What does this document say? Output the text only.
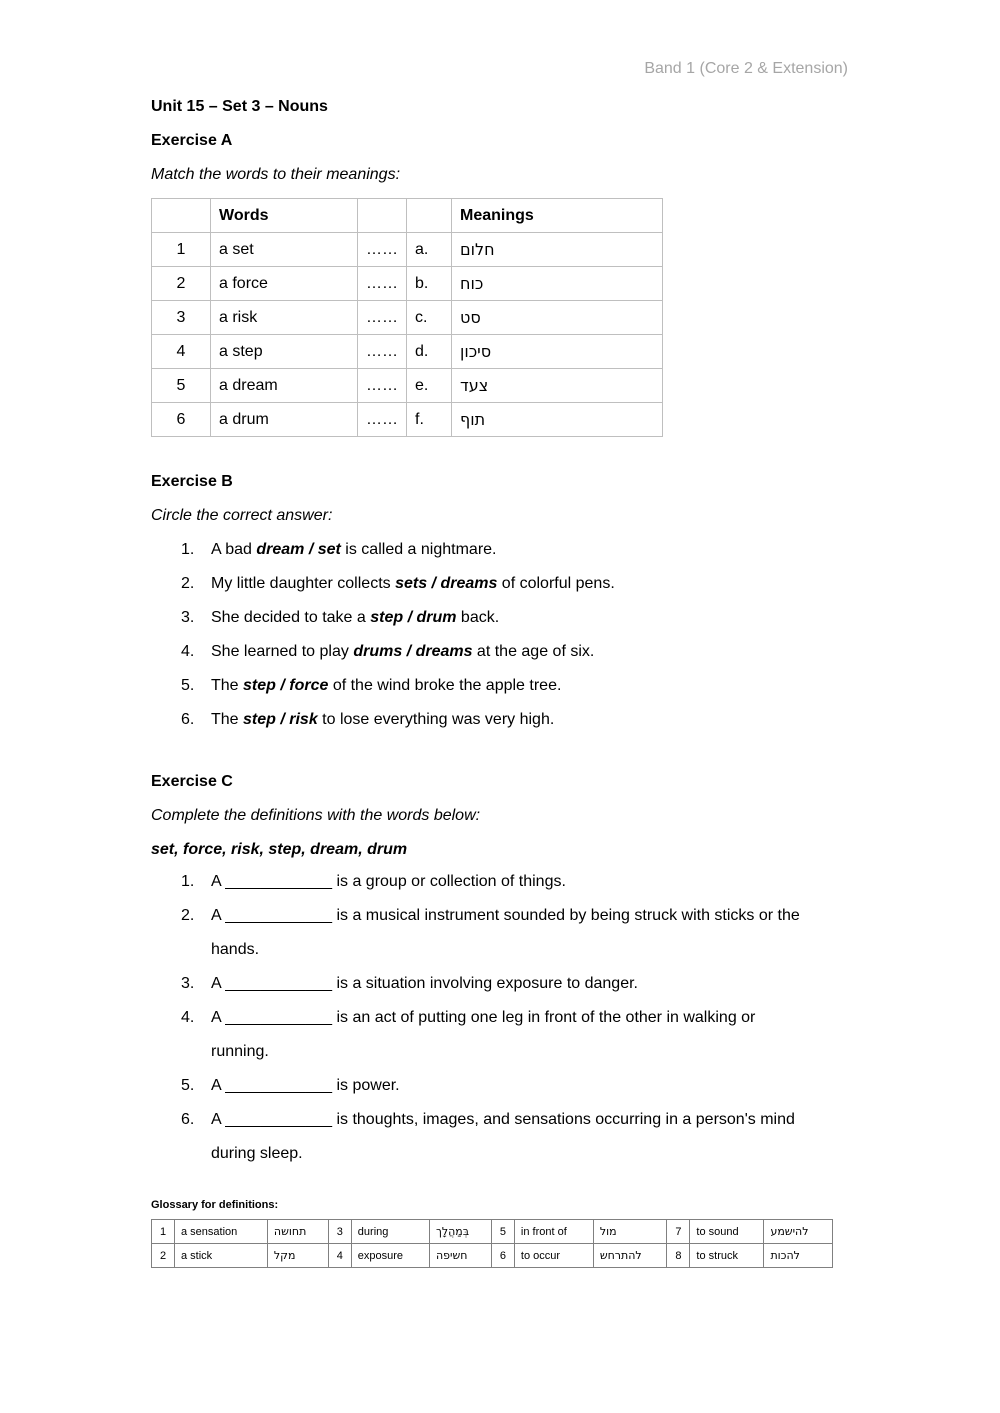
Band 1 (Core 2 & Extension)
Unit 15 – Set 3 – Nouns
Exercise A
Match the words to their meanings:
	Words			Meanings
1	a set	……	a.	חלום
2	a force	……	b.	כוח
3	a risk	……	c.	סט
4	a step	……	d.	סיכון
5	a dream	……	e.	צעד
6	a drum	……	f.	תוף
Exercise B
Circle the correct answer:
1. A bad dream / set is called a nightmare.
2. My little daughter collects sets / dreams of colorful pens.
3. She decided to take a step / drum back.
4. She learned to play drums / dreams at the age of six.
5. The step / force of the wind broke the apple tree.
6. The step / risk to lose everything was very high.
Exercise C
Complete the definitions with the words below:
set, force, risk, step, dream, drum
1. A ____________ is a group or collection of things.
2. A ____________ is a musical instrument sounded by being struck with sticks or the
hands.
3. A ____________ is a situation involving exposure to danger.
4. A ____________ is an act of putting one leg in front of the other in walking or
running.
5. A ____________ is power.
6. A ____________ is thoughts, images, and sensations occurring in a person's mind
during sleep.
Glossary for definitions:
1	a sensation	תחושה	3	during	בְּמַהֲלָך	5	in front of	מול	7	to sound	להישמע
2	a stick	מקל	4	exposure	חשיפה	6	to occur	להתרחש	8	to struck	להכות
